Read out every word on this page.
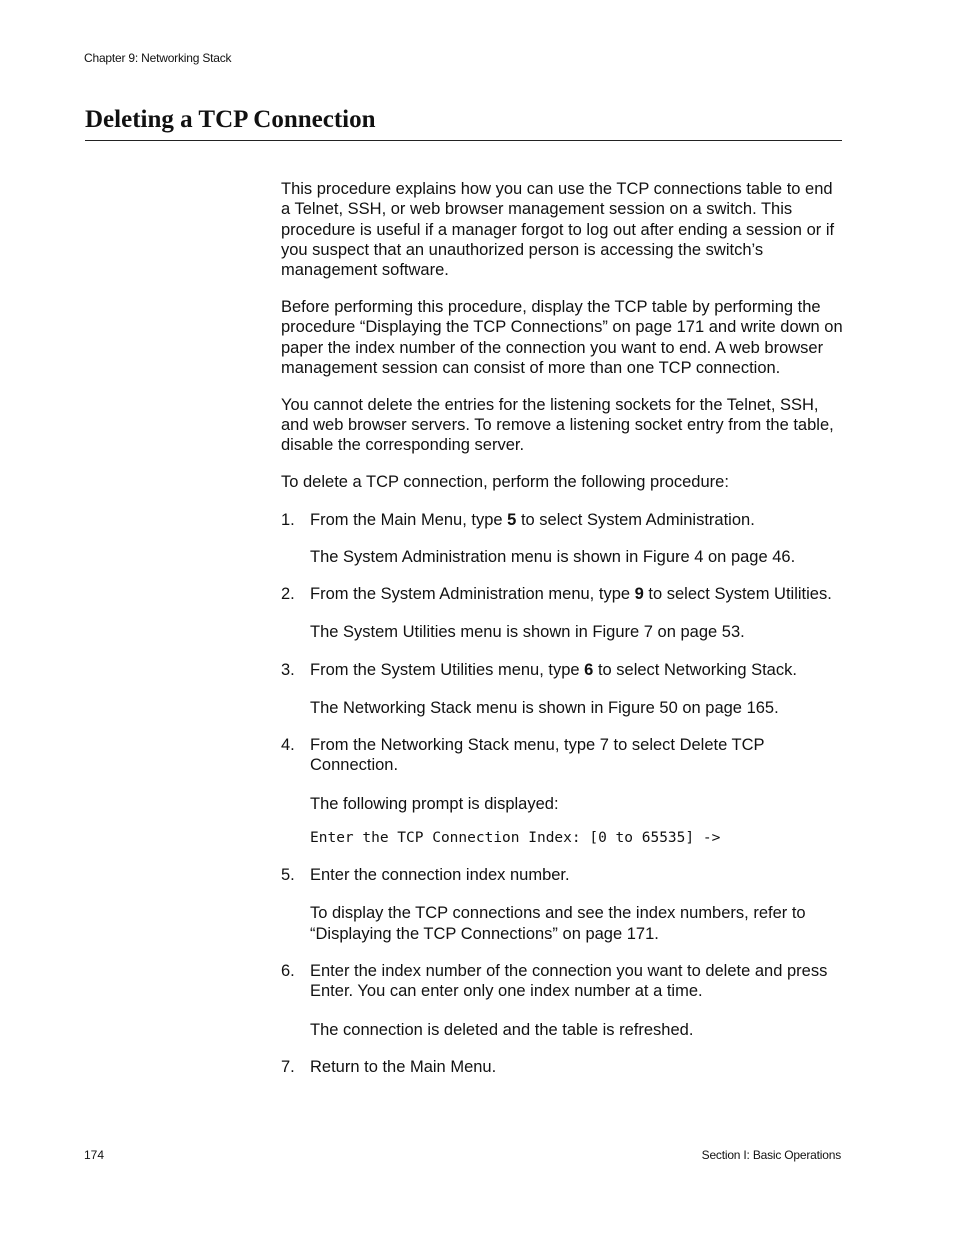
Chapter 9: Networking Stack
Deleting a TCP Connection

This procedure explains how you can use the TCP connections table to end a Telnet, SSH, or web browser management session on a switch. This procedure is useful if a manager forgot to log out after ending a session or if you suspect that an unauthorized person is accessing the switch’s management software.

Before performing this procedure, display the TCP table by performing the procedure “Displaying the TCP Connections” on page 171 and write down on paper the index number of the connection you want to end. A web browser management session can consist of more than one TCP connection.

You cannot delete the entries for the listening sockets for the Telnet, SSH, and web browser servers. To remove a listening socket entry from the table, disable the corresponding server.

To delete a TCP connection, perform the following procedure:

1. From the Main Menu, type 5 to select System Administration.

The System Administration menu is shown in Figure 4 on page 46.

2. From the System Administration menu, type 9 to select System Utilities.

The System Utilities menu is shown in Figure 7 on page 53.

3. From the System Utilities menu, type 6 to select Networking Stack.

The Networking Stack menu is shown in Figure 50 on page 165.

4. From the Networking Stack menu, type 7 to select Delete TCP Connection.

The following prompt is displayed:

Enter the TCP Connection Index: [0 to 65535] ->

5. Enter the connection index number.

To display the TCP connections and see the index numbers, refer to “Displaying the TCP Connections” on page 171.

6. Enter the index number of the connection you want to delete and press Enter. You can enter only one index number at a time.

The connection is deleted and the table is refreshed.

7. Return to the Main Menu.

174	Section I: Basic Operations
